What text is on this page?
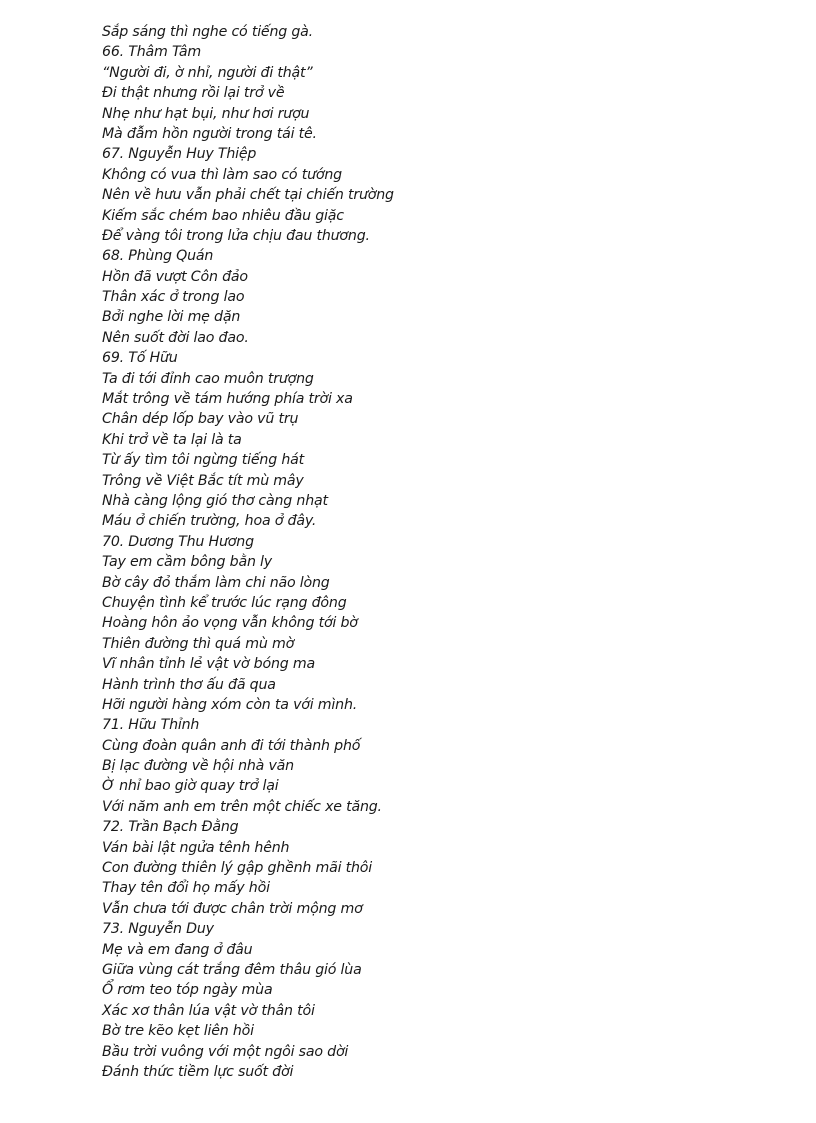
Sắp sáng thì nghe có tiếng gà.
66. Thâm Tâm
“Người đi, ờ nhỉ, người đi thật”
Đi thật nhưng rồi lại trở về
Nhẹ như hạt bụi, như hơi rượu
Mà đẫm hồn người trong tái tê.
67. Nguyễn Huy Thiệp
Không có vua thì làm sao có tướng
Nên về hưu vẫn phải chết tại chiến trường
Kiếm sắc chém bao nhiêu đầu giặc
Để vàng tôi trong lửa chịu đau thương.
68. Phùng Quán
Hồn đã vượt Côn đảo
Thân xác ở trong lao
Bởi nghe lời mẹ dặn
Nên suốt đời lao đao.
69. Tố Hữu
Ta đi tới đỉnh cao muôn trượng
Mắt trông về tám hướng phía trời xa
Chân dép lốp bay vào vũ trụ
Khi trở về ta lại là ta
Từ ấy tìm tôi ngừng tiếng hát
Trông về Việt Bắc tít mù mây
Nhà càng lộng gió thơ càng nhạt
Máu ở chiến trường, hoa ở đây.
70. Dương Thu Hương
Tay em cầm bông bằn ly
Bờ cây đỏ thắm làm chi não lòng
Chuyện tình kể trước lúc rạng đông
Hoàng hôn ảo vọng vẫn không tới bờ
Thiên đường thì quá mù mờ
Vĩ nhân tỉnh lẻ vật vờ bóng ma
Hành trình thơ ấu đã qua
Hỡi người hàng xóm còn ta với mình.
71. Hữu Thỉnh
Cùng đoàn quân anh đi tới thành phố
Bị lạc đường về hội nhà văn
Ờ nhỉ bao giờ quay trở lại
Với năm anh em trên một chiếc xe tăng.
72. Trần Bạch Đằng
Ván bài lật ngửa tênh hênh
Con đường thiên lý gập ghềnh mãi thôi
Thay tên đổi họ mấy hồi
Vẫn chưa tới được chân trời mộng mơ
73. Nguyễn Duy
Mẹ và em đang ở đâu
Giữa vùng cát trắng đêm thâu gió lùa
Ổ rơm teo tóp ngày mùa
Xác xơ thân lúa vật vờ thân tôi
Bờ tre kẽo kẹt liên hồi
Bầu trời vuông với một ngôi sao dời
Đánh thức tiềm lực suốt đời
